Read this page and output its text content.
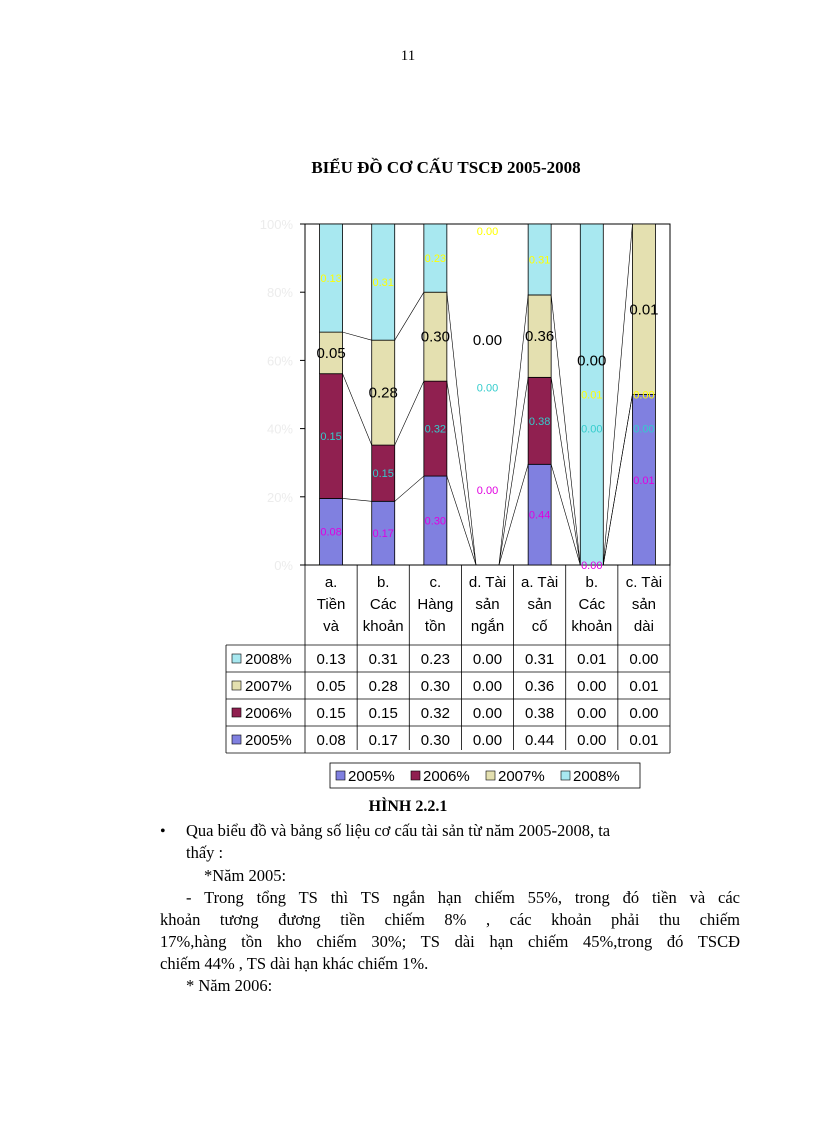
11
BIỂU ĐỒ CƠ CẤU TSCĐ 2005-2008
0.08
0.15
0.05
0.13
0.17
0.15
0.28
0.31
0.30
0.32
0.30
0.23
0.00
0.00
0.00
0.00
0.44
0.38
0.36
0.31
0.00
0.00
0.00
0.01
0.01
0.00
0.01
0.00
0%
20%
40%
60%
80%
100%
a.
Tiền
và
b.
Các
khoản
c.
Hàng
tồn
d. Tài
sản
ngắn
a. Tài
sản
cố
b.
Các
khoản
c. Tài
sản
dài
2008% 0.13 0.31 0.23 0.00 0.31 0.01 0.00
2007% 0.05 0.28 0.30 0.00 0.36 0.00 0.01
2006% 0.15 0.15 0.32 0.00 0.38 0.00 0.00
2005% 0.08 0.17 0.30 0.00 0.44 0.00 0.01
2005% 2006% 2007% 2008%
HÌNH 2.2.1
• Qua biểu đồ và bảng số liệu cơ cấu tài sản từ năm 2005-2008, ta
thấy :
*Năm 2005:
- Trong tổng TS thì TS ngắn hạn chiếm 55%, trong đó tiền và các
khoản tương đương tiền chiếm 8% , các khoản phải thu chiếm
17%,hàng tồn kho chiếm 30%; TS dài hạn chiếm 45%,trong đó TSCĐ
chiếm 44% , TS dài hạn khác chiếm 1%.
* Năm 2006:
